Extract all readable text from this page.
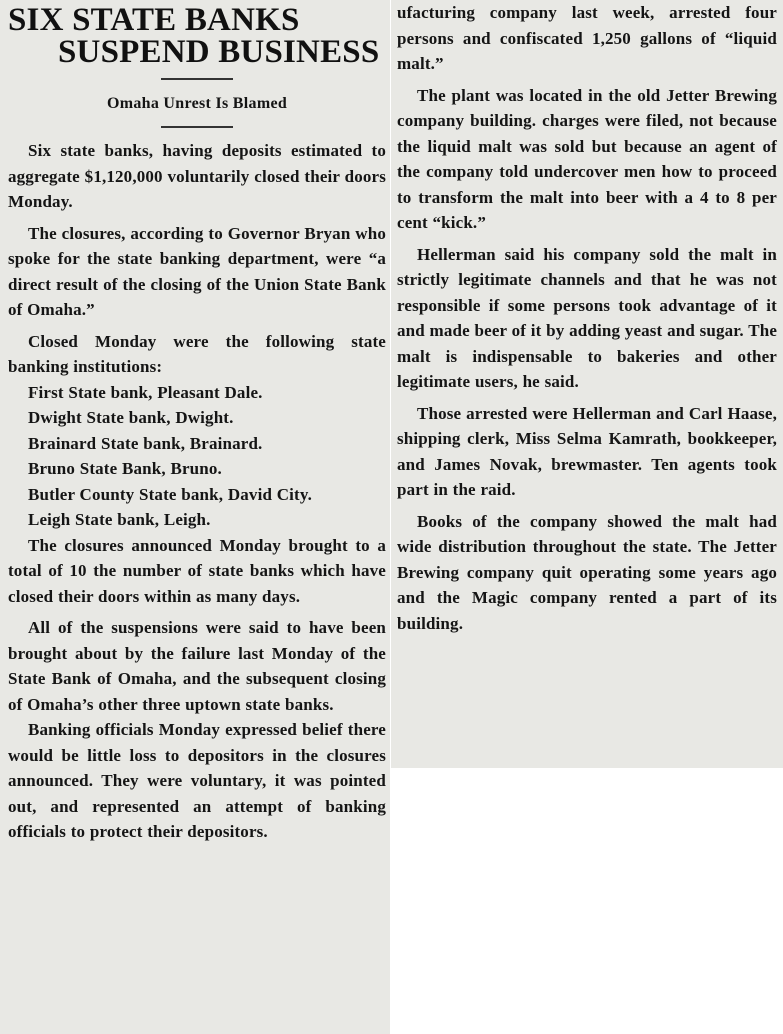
SIX STATE BANKS
SUSPEND BUSINESS
Omaha Unrest Is Blamed

Six state banks, having deposits estimated to aggregate $1,120,000 voluntarily closed their doors Monday.

The closures, according to Governor Bryan who spoke for the state banking department, were “a direct result of the closing of the Union State Bank of Omaha.”

Closed Monday were the following state banking institutions:

First State bank, Pleasant Dale.

Dwight State bank, Dwight.

Brainard State bank, Brainard.

Bruno State Bank, Bruno.

Butler County State bank, David City.

Leigh State bank, Leigh.

The closures announced Monday brought to a total of 10 the number of state banks which have closed their doors within as many days.

All of the suspensions were said to have been brought about by the failure last Monday of the State Bank of Omaha, and the subsequent closing of Omaha’s other three uptown state banks.

Banking officials Monday expressed belief there would be little loss to depositors in the closures announced. They were voluntary, it was pointed out, and represented an attempt of banking officials to protect their depositors.

ufacturing company last week, arrested four persons and confiscated 1,250 gallons of “liquid malt.”

The plant was located in the old Jetter Brewing company building. charges were filed, not because the liquid malt was sold but because an agent of the company told undercover men how to proceed to transform the malt into beer with a 4 to 8 per cent “kick.”

Hellerman said his company sold the malt in strictly legitimate channels and that he was not responsible if some persons took advantage of it and made beer of it by adding yeast and sugar. The malt is indispensable to bakeries and other legitimate users, he said.

Those arrested were Hellerman and Carl Haase, shipping clerk, Miss Selma Kamrath, bookkeeper, and James Novak, brewmaster. Ten agents took part in the raid.

Books of the company showed the malt had wide distribution throughout the state. The Jetter Brewing company quit operating some years ago and the Magic company rented a part of its building.
